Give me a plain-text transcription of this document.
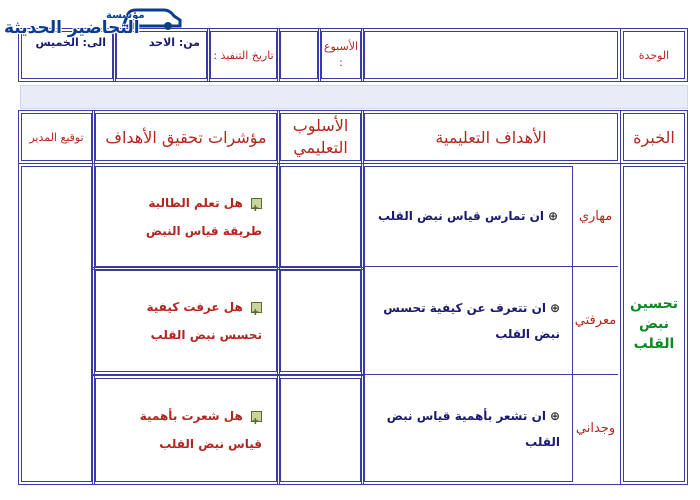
الوحدة
الأسبوع :
تاريخ التنفيذ :
من: الاحد
الى: الخميس
مؤسسة
التحاضير الحديثة
الخبرة
الأهداف التعليمية
الأسلوب التعليمي
مؤشرات تحقيق الأهداف
توقيع المدير
تحسين نبض القلب
مهاري
⊕ان تمارس قياس نبض القلب
معرفتي
⊕ان تتعرف عن كيفية تحسس نبض القلب
وجداني
⊕ان تشعر بأهمية قياس نبض القلب
✚ هل تعلم الطالبة طريقة قياس النبض
✚ هل عرفت كيفية تحسس نبض القلب
✚ هل شعرت بأهمية قياس نبض القلب
